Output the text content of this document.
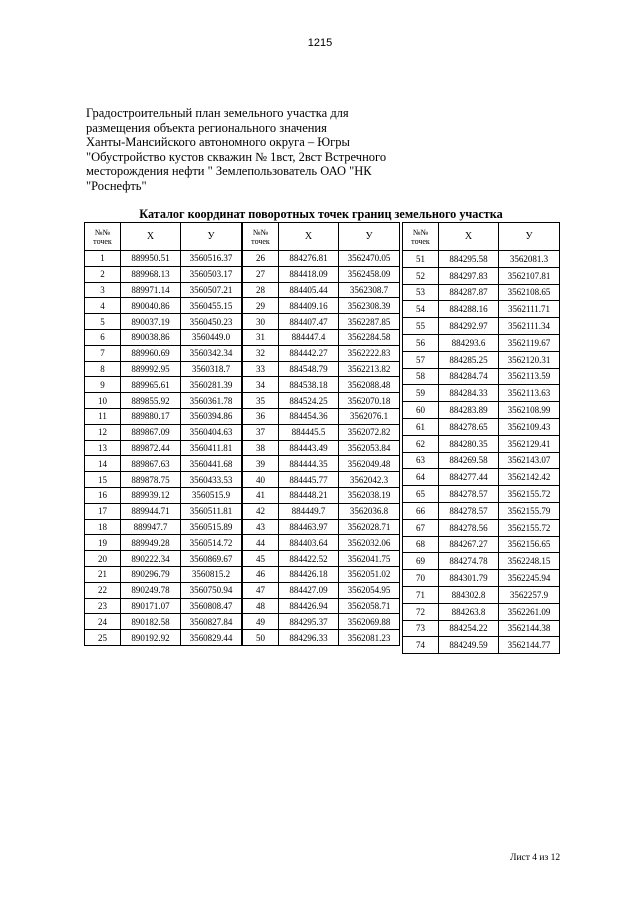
1215
Градостроительный план земельного участка для
размещения объекта регионального значения
Ханты-Мансийского автономного округа – Югры
"Обустройство кустов скважин № 1вст, 2вст Встречного
месторождения нефти " Землепользователь ОАО "НК
"Роснефть"
Каталог координат поворотных точек границ земельного участка
№№
точек	X	У
1	889950.51	3560516.37
2	889968.13	3560503.17
3	889971.14	3560507.21
4	890040.86	3560455.15
5	890037.19	3560450.23
6	890038.86	3560449.0
7	889960.69	3560342.34
8	889992.95	3560318.7
9	889965.61	3560281.39
10	889855.92	3560361.78
11	889880.17	3560394.86
12	889867.09	3560404.63
13	889872.44	3560411.81
14	889867.63	3560441.68
15	889878.75	3560433.53
16	889939.12	3560515.9
17	889944.71	3560511.81
18	889947.7	3560515.89
19	889949.28	3560514.72
20	890222.34	3560869.67
21	890296.79	3560815.2
22	890249.78	3560750.94
23	890171.07	3560808.47
24	890182.58	3560827.84
25	890192.92	3560829.44
№№
точек	X	У
26	884276.81	3562470.05
27	884418.09	3562458.09
28	884405.44	3562308.7
29	884409.16	3562308.39
30	884407.47	3562287.85
31	884447.4	3562284.58
32	884442.27	3562222.83
33	884548.79	3562213.82
34	884538.18	3562088.48
35	884524.25	3562070.18
36	884454.36	3562076.1
37	884445.5	3562072.82
38	884443.49	3562053.84
39	884444.35	3562049.48
40	884445.77	3562042.3
41	884448.21	3562038.19
42	884449.7	3562036.8
43	884463.97	3562028.71
44	884403.64	3562032.06
45	884422.52	3562041.75
46	884426.18	3562051.02
47	884427.09	3562054.95
48	884426.94	3562058.71
49	884295.37	3562069.88
50	884296.33	3562081.23
№№
точек	X	У
51	884295.58	3562081.3
52	884297.83	3562107.81
53	884287.87	3562108.65
54	884288.16	3562111.71
55	884292.97	3562111.34
56	884293.6	3562119.67
57	884285.25	3562120.31
58	884284.74	3562113.59
59	884284.33	3562113.63
60	884283.89	3562108.99
61	884278.65	3562109.43
62	884280.35	3562129.41
63	884269.58	3562143.07
64	884277.44	3562142.42
65	884278.57	3562155.72
66	884278.57	3562155.79
67	884278.56	3562155.72
68	884267.27	3562156.65
69	884274.78	3562248.15
70	884301.79	3562245.94
71	884302.8	3562257.9
72	884263.8	3562261.09
73	884254.22	3562144.38
74	884249.59	3562144.77
Лист 4 из 12
